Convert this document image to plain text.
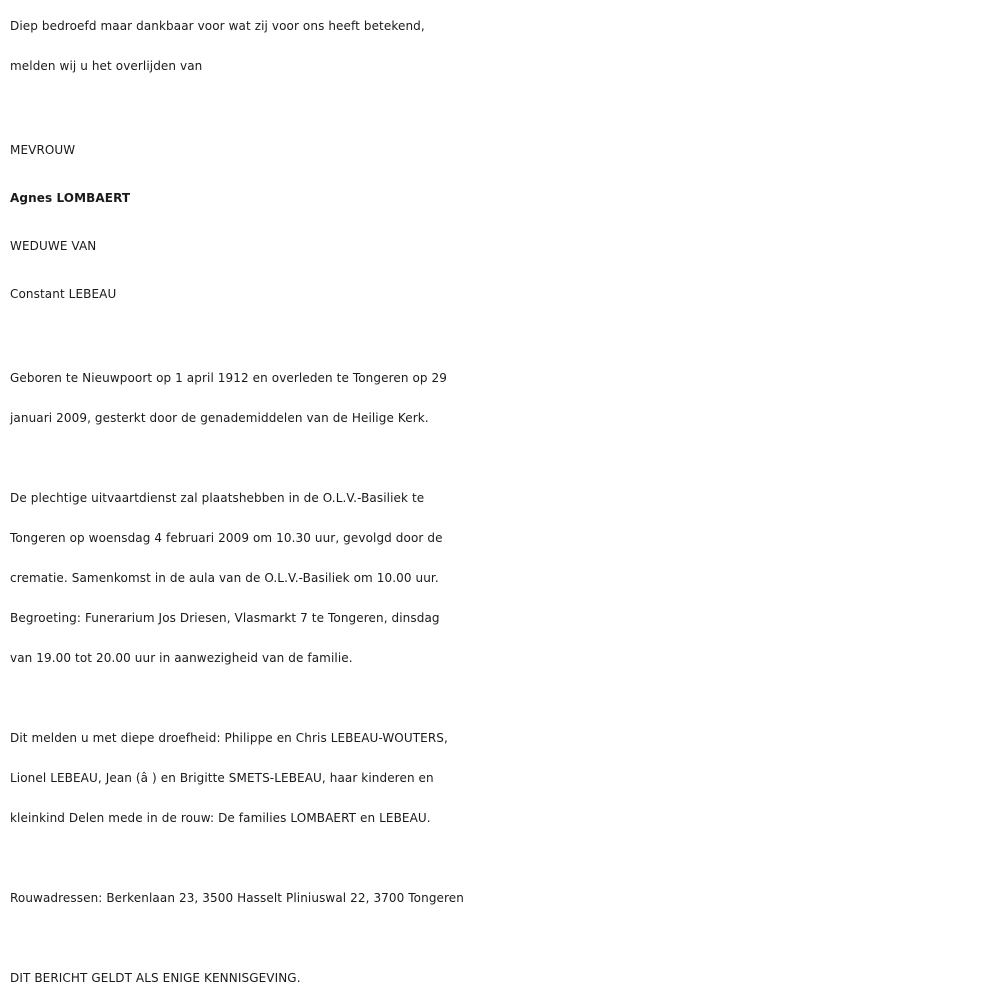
Diep bedroefd maar dankbaar voor wat zij voor ons heeft betekend,
melden wij u het overlijden van
MEVROUW
Agnes LOMBAERT
WEDUWE VAN
Constant LEBEAU
Geboren te Nieuwpoort op 1 april 1912 en overleden te Tongeren op 29
januari 2009, gesterkt door de genademiddelen van de Heilige Kerk.
De plechtige uitvaartdienst zal plaatshebben in de O.L.V.-Basiliek te
Tongeren op woensdag 4 februari 2009 om 10.30 uur, gevolgd door de
crematie. Samenkomst in de aula van de O.L.V.-Basiliek om 10.00 uur.
Begroeting: Funerarium Jos Driesen, Vlasmarkt 7 te Tongeren, dinsdag
van 19.00 tot 20.00 uur in aanwezigheid van de familie.
Dit melden u met diepe droefheid: Philippe en Chris LEBEAU-WOUTERS,
Lionel LEBEAU, Jean (â ) en Brigitte SMETS-LEBEAU, haar kinderen en
kleinkind Delen mede in de rouw: De families LOMBAERT en LEBEAU.
Rouwadressen: Berkenlaan 23, 3500 Hasselt Pliniuswal 22, 3700 Tongeren
DIT BERICHT GELDT ALS ENIGE KENNISGEVING.
